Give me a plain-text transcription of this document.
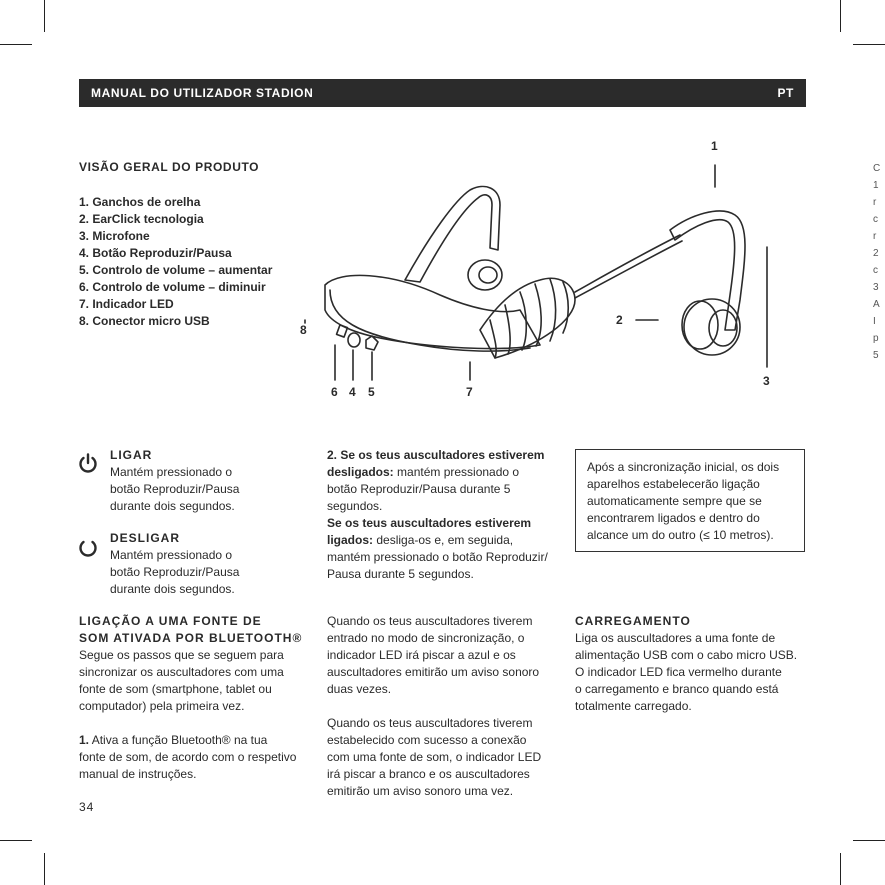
MANUAL DO UTILIZADOR STADION	PT
C
1
r
c
r
2
c
3
A
I
p
5
VISÃO GERAL DO PRODUTO
1. Ganchos de orelha
2. EarClick tecnologia
3. Microfone
4. Botão Reproduzir/Pausa
5. Controlo de volume – aumentar
6. Controlo de volume – diminuir
7. Indicador LED
8. Conector micro USB
1
2
3
8
6 4 5	7
LIGAR
Mantém pressionado o
botão Reproduzir/Pausa
durante dois segundos.
DESLIGAR
Mantém pressionado o
botão Reproduzir/Pausa
durante dois segundos.
2. Se os teus auscultadores estiverem
desligados: mantém pressionado o
botão Reproduzir/Pausa durante 5
segundos.
Se os teus auscultadores estiverem
ligados: desliga-os e, em seguida,
mantém pressionado o botão Reproduzir/
Pausa durante 5 segundos.
Após a sincronização inicial, os dois
aparelhos estabelecerão ligação
automaticamente sempre que se
encontrarem ligados e dentro do
alcance um do outro (≤ 10 metros).
LIGAÇÃO A UMA FONTE DE
SOM ATIVADA POR BLUETOOTH®
Segue os passos que se seguem para
sincronizar os auscultadores com uma
fonte de som (smartphone, tablet ou
computador) pela primeira vez.
1. Ativa a função Bluetooth® na tua
fonte de som, de acordo com o respetivo
manual de instruções.
Quando os teus auscultadores tiverem
entrado no modo de sincronização, o
indicador LED irá piscar a azul e os
auscultadores emitirão um aviso sonoro
duas vezes.
Quando os teus auscultadores tiverem
estabelecido com sucesso a conexão
com uma fonte de som, o indicador LED
irá piscar a branco e os auscultadores
emitirão um aviso sonoro uma vez.
CARREGAMENTO
Liga os auscultadores a uma fonte de
alimentação USB com o cabo micro USB.
O indicador LED fica vermelho durante
o carregamento e branco quando está
totalmente carregado.
34
